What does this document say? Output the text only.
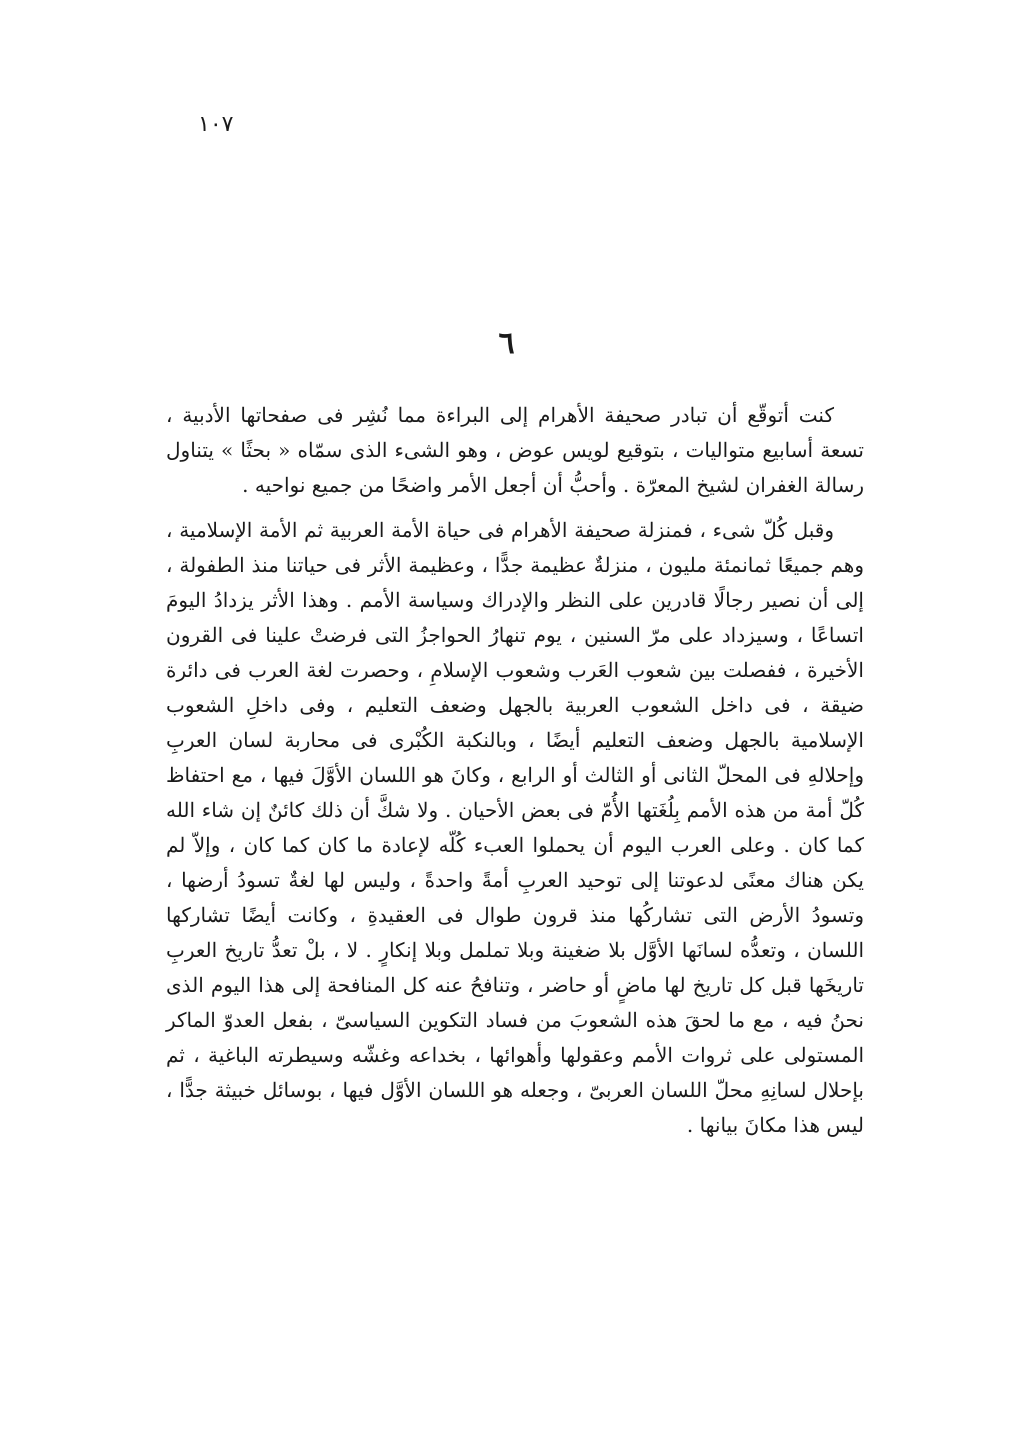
١٠٧
٦

كنت أتوقّع أن تبادر صحيفة الأهرام إلى البراءة مما نُشِر فى صفحاتها الأدبية ، تسعة أسابيع متواليات ، بتوقيع لويس عوض ، وهو الشىء الذى سمّاه « بحثًا » يتناول رسالة الغفران لشيخ المعرّة . وأحبُّ أن أجعل الأمر واضحًا من جميع نواحيه .

وقبل كُلّ شىء ، فمنزلة صحيفة الأهرام فى حياة الأمة العربية ثم الأمة الإسلامية ، وهم جميعًا ثمانمئة مليون ، منزلةٌ عظيمة جدًّا ، وعظيمة الأثر فى حياتنا منذ الطفولة ، إلى أن نصير رجالًا قادرين على النظر والإدراك وسياسة الأمم . وهذا الأثر يزدادُ اليومَ اتساعًا ، وسيزداد على مرّ السنين ، يوم تنهارُ الحواجزُ التى فرضتْ علينا فى القرون الأخيرة ، ففصلت بين شعوب العَرب وشعوب الإسلامِ ، وحصرت لغة العرب فى دائرة ضيقة ، فى داخل الشعوب العربية بالجهل وضعف التعليم ، وفى داخلِ الشعوب الإسلامية بالجهل وضعف التعليم أيضًا ، وبالنكبة الكُبْرى فى محاربة لسان العربِ وإحلالهِ فى المحلّ الثانى أو الثالث أو الرابع ، وكانَ هو اللسان الأوَّلَ فيها ، مع احتفاظ كُلّ أمة من هذه الأمم بِلُغَتها الأُمّ فى بعض الأحيان . ولا شكَّ أن ذلك كائنٌ إن شاء الله كما كان . وعلى العرب اليوم أن يحملوا العبء كُلّه لإعادة ما كان كما كان ، وإلاّ لم يكن هناك معنًى لدعوتنا إلى توحيد العربِ أمةً واحدةً ، وليس لها لغةٌ تسودُ أرضها ، وتسودُ الأرض التى تشاركُها منذ قرون طوال فى العقيدةِ ، وكانت أيضًا تشاركها اللسان ، وتعدُّه لسانَها الأوَّل بلا ضغينة وبلا تململ وبلا إنكارٍ . لا ، بلْ تعدُّ تاريخ العربِ تاريخَها قبل كل تاريخ لها ماضٍ أو حاضر ، وتنافحُ عنه كل المنافحة إلى هذا اليوم الذى نحنُ فيه ، مع ما لحقَ هذه الشعوبَ من فساد التكوين السياسىّ ، بفعل العدوّ الماكر المستولى على ثروات الأمم وعقولها وأهوائها ، بخداعه وغشّه وسيطرته الباغية ، ثم بإحلال لسانِهِ محلّ اللسان العربىّ ، وجعله هو اللسان الأوَّل فيها ، بوسائل خبيثة جدًّا ، ليس هذا مكانَ بيانها .
